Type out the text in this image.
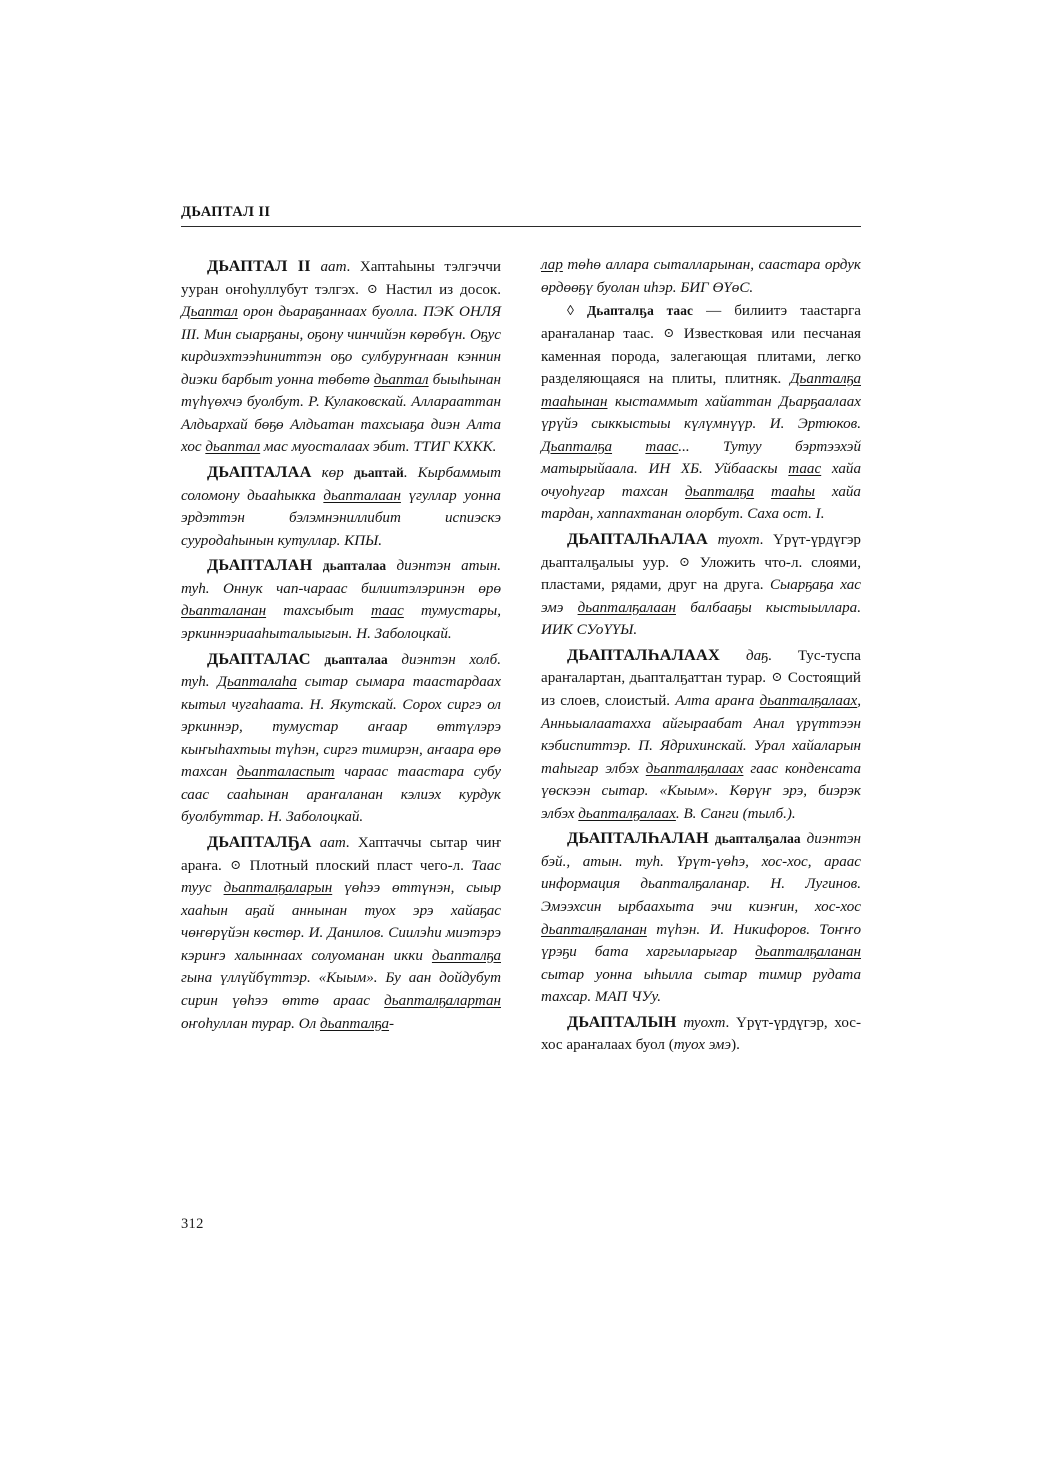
ДЬАПТАЛ II

ДЬАПТАЛ II аат. Хаптаһыны тэлгэччи ууран оҥоһуллубут тэлгэх. ⊙ Настил из досок. Дьаптал орон дьараҕаннаах буолла. ПЭК ОНЛЯ III. Мин сыарҕаны, оҕону чинчийэн көрөбүн. Оҕус кирдиэхтээһиниттэн оҕо сулбуруҥнаан кэннин диэки барбыт уонна төбөтө дьаптал быыһынан түһүөхчэ буолбут. Р. Кулаковскай. Алларааттан Алдьархай бөҕө Алдьатан тахсыаҕа диэн Алта хос дьаптал мас муосталаах эбит. ТТИГ КХКК.

ДЬАПТАЛАА көр дьаптай. Кырбаммыт соломону дьааһыкка дьапталаан үгуллар уонна эрдэттэн бэлэмнэниллибит испиэскэ сууродаһынын кутуллар. КПЫ.

ДЬАПТАЛАН дьапталаа диэнтэн атын. туһ. Оннук чап-чараас билиитэлэринэн өрө дьапталанан тахсыбыт таас тумустары, эркиннэриааһыталыыгын. Н. Заболоцкай.

ДЬАПТАЛАС дьапталаа диэнтэн холб. туһ. Дьапталаһа сытар сымара таастардаах кытыл чугаһаата. Н. Якутскай. Сорох сиргэ ол эркиннэр, тумустар аҥаар өттүлэрэ кыҥыһахтыы түһэн, сиргэ тимирэн, аҥаара өрө тахсан дьапталаспыт чараас таастара субу саас сааһынан араҥаланан кэлиэх курдук буолбуттар. Н. Заболоцкай.

ДЬАПТАЛҔА аат. Хаптаччы сытар чиҥ араҥа. ⊙ Плотный плоский пласт чего-л. Таас туус дьапталҕаларын үөһээ өттүнэн, сыыр хааһын аҕай аннынан туох эрэ хайаҕас чөҥөрүйэн көстөр. И. Данилов. Сиилэһи миэтэрэ кэриҥэ халыннаах солуоманан икки дьапталҕа гына үллүйбүттэр. «Кыым». Бу аан дойдубут сирин үөһээ өттө араас дьапталҕалартан оҥоһуллан турар. Ол дьапталҕа-

лар төһө аллара сыталларынан, саастара ордук өрдөөҕү буолан иһэр. БИГ ӨҮөС.

◊ Дьапталҕа таас — билиитэ таастарга араҥаланар таас. ⊙ Известковая или песчаная каменная порода, залегающая плитами, легко разделяющаяся на плиты, плитняк. Дьапталҕа тааһынан кыстаммыт хайаттан Дьарҕаалаах үрүйэ сыккыстыы күлүмнүүр. И. Эртюков. Дьапталҕа таас... Тутуу бэртээхэй матырыйаала. ИН ХБ. Уйбааскы таас хайа очуоһугар тахсан дьапталҕа тааһы хайа тардан, хаппахтанан олорбут. Саха ост. I.

ДЬАПТАЛҺАЛАА туохт. Үрүт-үрдүгэр дьапталҕалыы уур. ⊙ Уложить что-л. слоями, пластами, рядами, друг на друга. Сыарҕаҕа хас эмэ дьапталҕалаан балбааҕы кыстыыллара. ИИК СУоҮҮЫ.

ДЬАПТАЛҺАЛААХ даҕ. Тус-туспа араҥалартан, дьапталҕаттан турар. ⊙ Состоящий из слоев, слоистый. Алта араҥа дьапталҕалаах, Анньыалаатахха айгыраабат Анал үрүттээн кэбиспиттэр. П. Ядрихинскай. Урал хайаларын таһыгар элбэх дьапталҕалаах гаас конденсата үөскээн сытар. «Кыым». Көрүҥ эрэ, биэрэк элбэх дьапталҕалаах. В. Санги (тылб.).

ДЬАПТАЛҺАЛАН дьапталҕалаа диэнтэн бэй., атын. туһ. Үрүт-үөһэ, хос-хос, араас информация дьапталҕаланар. Н. Лугинов. Эмээхсин ырбаахыта эчи киэҥин, хос-хос дьапталҕаланан түһэн. И. Никифоров. Тоҥҥо үрэҕи бата харгыларыгар дьапталҕаланан сытар уонна ыһылла сытар тимир рудата тахсар. МАП ЧУу.

ДЬАПТАЛЫН туохт. Үрүт-үрдүгэр, хос-хос араҥалаах буол (туох эмэ).

312
